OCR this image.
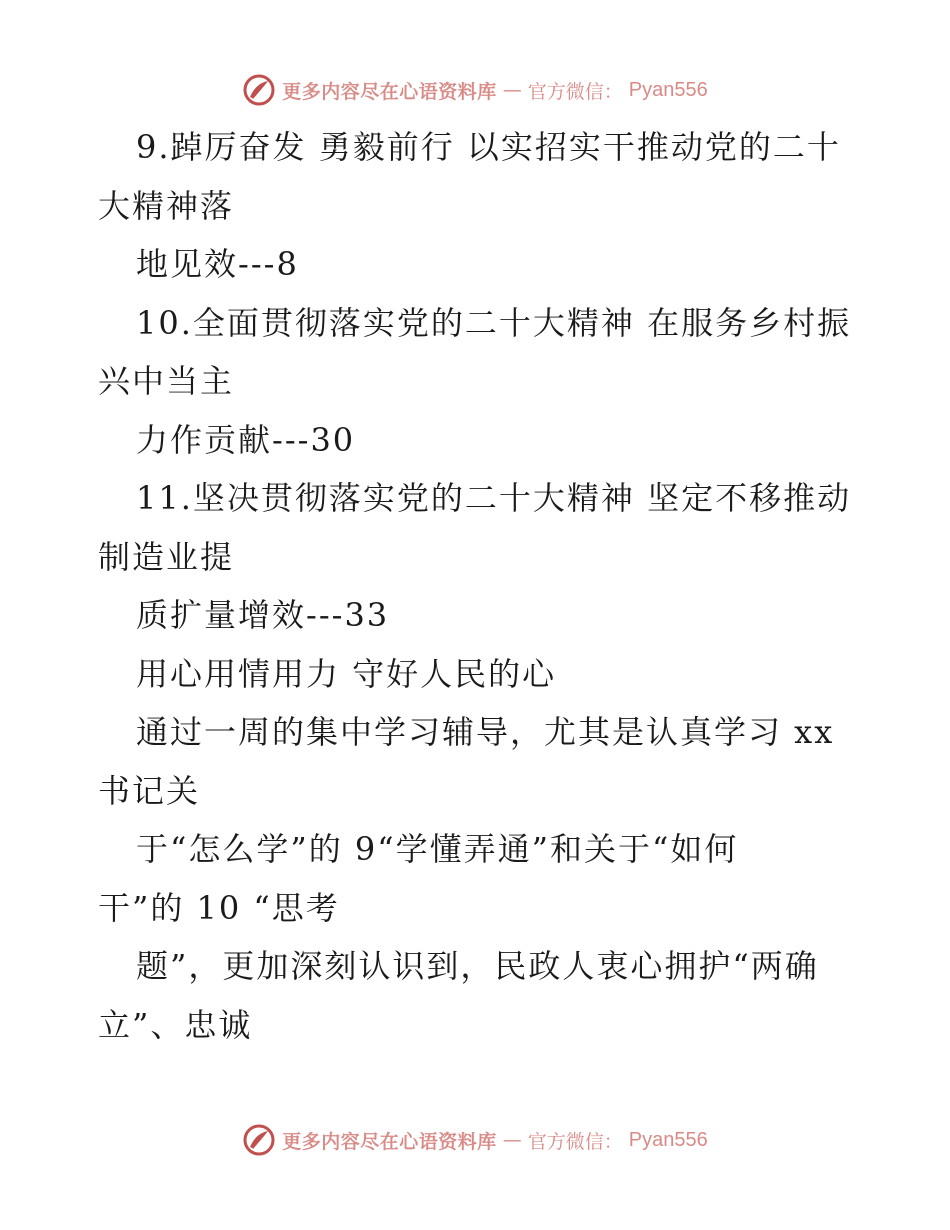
更多内容尽在心语资料库 — 官方微信： Pyan556
9.踔厉奋发 勇毅前行 以实招实干推动党的二十
大精神落
地见效---8
10.全面贯彻落实党的二十大精神 在服务乡村振
兴中当主
力作贡献---30
11.坚决贯彻落实党的二十大精神 坚定不移推动
制造业提
质扩量增效---33
用心用情用力 守好人民的心
通过一周的集中学习辅导，尤其是认真学习 xx
书记关
于“怎么学”的 9“学懂弄通”和关于“如何
干”的 10 “思考
题”，更加深刻认识到，民政人衷心拥护“两确
立”、忠诚
更多内容尽在心语资料库 — 官方微信： Pyan556
